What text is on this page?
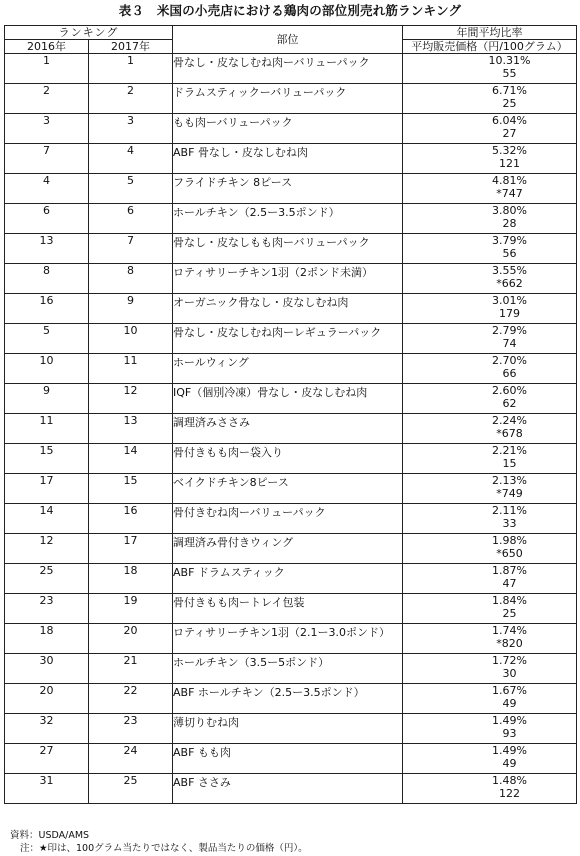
表３　米国の小売店における鶏肉の部位別売れ筋ランキング
ランキング		部位	年間平均比率
2016年	2017年		平均販売価格（円/100グラム）
1	1	骨なし・皮なしむね肉ーバリューパック	10.31%
55

2	2	ドラムスティックーバリューパック	6.71%
25

3	3	もも肉ーバリューパック	6.04%
27

7	4	ABF 骨なし・皮なしむね肉	5.32%
121

4	5	フライドチキン 8ピース	4.81%
*747

6	6	ホールチキン（2.5ー3.5ポンド）	3.80%
28

13	7	骨なし・皮なしもも肉ーバリューパック	3.79%
56

8	8	ロティサリーチキン1羽（2ポンド未満）	3.55%
*662

16	9	オーガニック骨なし・皮なしむね肉	3.01%
179

5	10	骨なし・皮なしむね肉ーレギュラーパック	2.79%
74

10	11	ホールウィング	2.70%
66

9	12	IQF（個別冷凍）骨なし・皮なしむね肉	2.60%
62

11	13	調理済みささみ	2.24%
*678

15	14	骨付きもも肉ー袋入り	2.21%
15

17	15	ベイクドチキン8ピース	2.13%
*749

14	16	骨付きむね肉ーバリューパック	2.11%
33

12	17	調理済み骨付きウィング	1.98%
*650

25	18	ABF ドラムスティック	1.87%
47

23	19	骨付きもも肉ートレイ包装	1.84%
25

18	20	ロティサリーチキン1羽（2.1ー3.0ポンド）	1.74%
*820

30	21	ホールチキン（3.5ー5ポンド）	1.72%
30

20	22	ABF ホールチキン（2.5ー3.5ポンド）	1.67%
49

32	23	薄切りむね肉	1.49%
93

27	24	ABF もも肉	1.49%
49

31	25	ABF ささみ	1.48%
122
資料：USDA/AMS
注：★印は、100グラム当たりではなく、製品当たりの価格（円）。
